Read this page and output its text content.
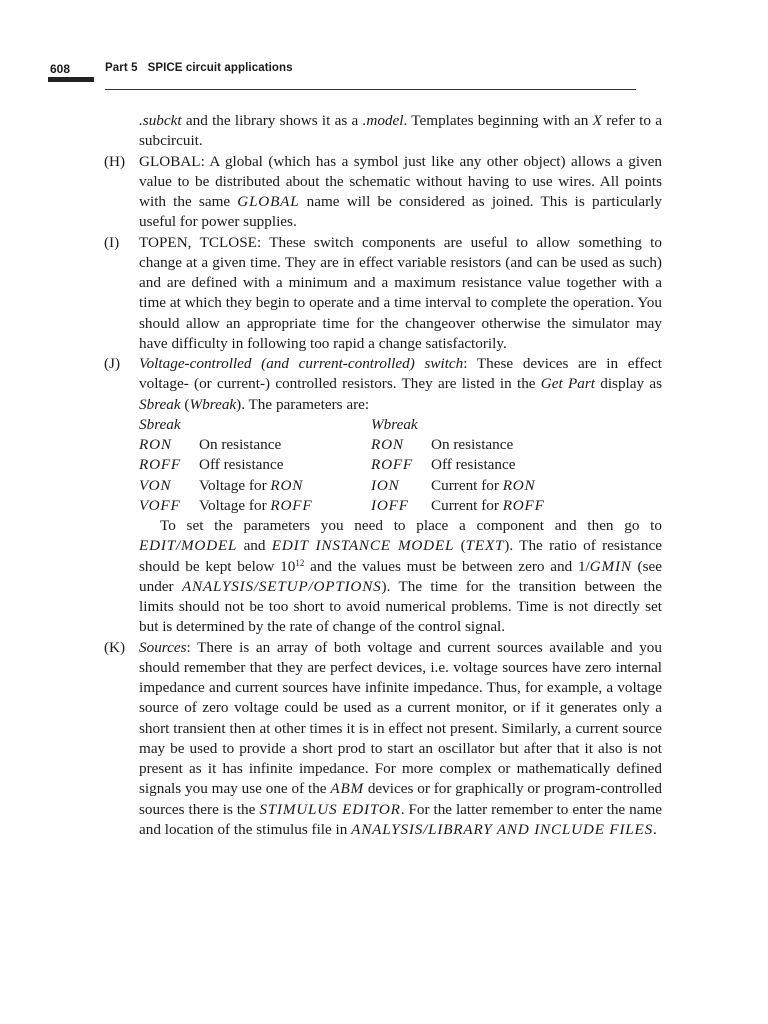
608	Part 5 SPICE circuit applications

.subckt and the library shows it as a .model. Templates beginning with an X refer to a subcircuit.

(H) GLOBAL: A global (which has a symbol just like any other object) allows a given value to be distributed about the schematic without having to use wires. All points with the same GLOBAL name will be considered as joined. This is particularly useful for power supplies.

(I) TOPEN, TCLOSE: These switch components are useful to allow something to change at a given time. They are in effect variable resistors (and can be used as such) and are defined with a minimum and a maximum resistance value together with a time at which they begin to operate and a time interval to complete the operation. You should allow an appropriate time for the changeover otherwise the simulator may have difficulty in following too rapid a change satisfactorily.

(J) Voltage-controlled (and current-controlled) switch: These devices are in effect voltage- (or current-) controlled resistors. They are listed in the Get Part display as Sbreak (Wbreak). The parameters are:

Sbreak		Wbreak	
RON	On resistance	RON	On resistance
ROFF	Off resistance	ROFF	Off resistance
VON	Voltage for RON	ION	Current for RON
VOFF	Voltage for ROFF	IOFF	Current for ROFF

To set the parameters you need to place a component and then go to EDIT/MODEL and EDIT INSTANCE MODEL (TEXT). The ratio of resistance should be kept below $10^{12}$ and the values must be between zero and 1/GMIN (see under ANALYSIS/SETUP/OPTIONS). The time for the transition between the limits should not be too short to avoid numerical problems. Time is not directly set but is determined by the rate of change of the control signal.

(K) Sources: There is an array of both voltage and current sources available and you should remember that they are perfect devices, i.e. voltage sources have zero internal impedance and current sources have infinite impedance. Thus, for example, a voltage source of zero voltage could be used as a current monitor, or if it generates only a short transient then at other times it is in effect not present. Similarly, a current source may be used to provide a short prod to start an oscillator but after that it also is not present as it has infinite impedance. For more complex or mathematically defined signals you may use one of the ABM devices or for graphically or program-controlled sources there is the STIMULUS EDITOR. For the latter remember to enter the name and location of the stimulus file in ANALYSIS/LIBRARY AND INCLUDE FILES.
